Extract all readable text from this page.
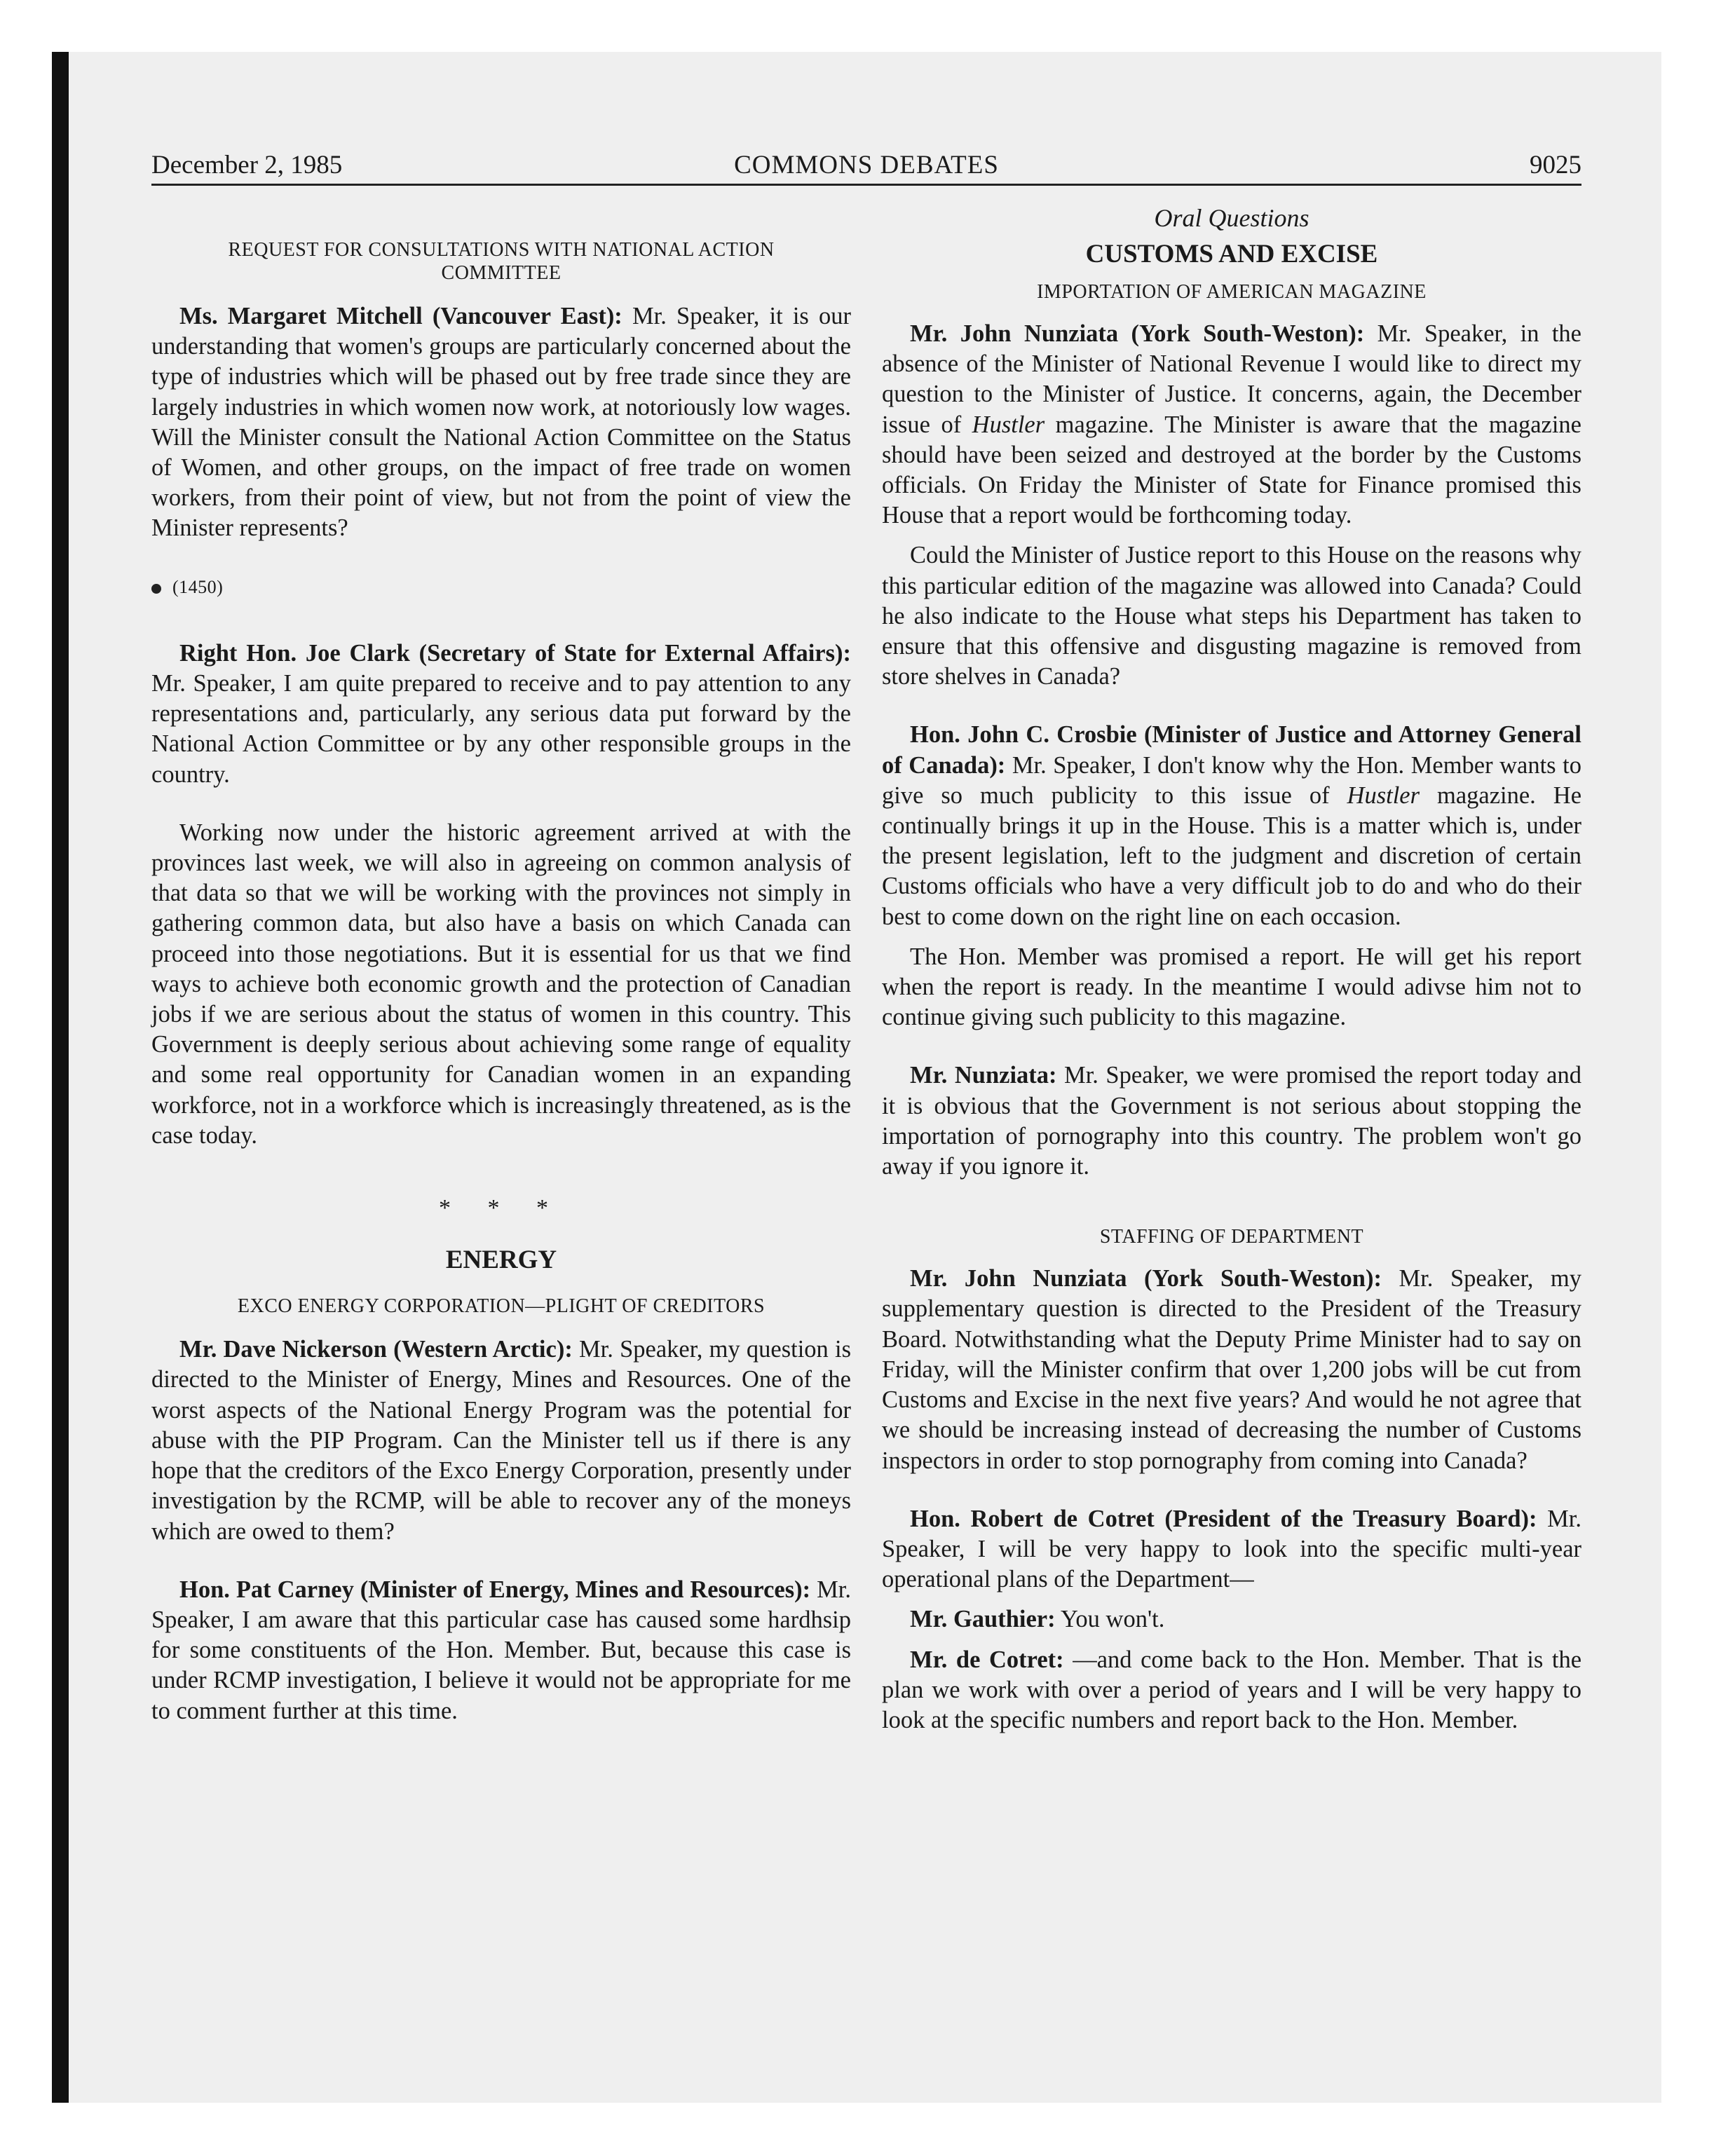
December 2, 1985	COMMONS DEBATES	9025
REQUEST FOR CONSULTATIONS WITH NATIONAL ACTION COMMITTEE

Ms. Margaret Mitchell (Vancouver East): Mr. Speaker, it is our understanding that women's groups are particularly concerned about the type of industries which will be phased out by free trade since they are largely industries in which women now work, at notoriously low wages. Will the Minister consult the National Action Committee on the Status of Women, and other groups, on the impact of free trade on women workers, from their point of view, but not from the point of view the Minister represents?

(1450)

Right Hon. Joe Clark (Secretary of State for External Affairs): Mr. Speaker, I am quite prepared to receive and to pay attention to any representations and, particularly, any serious data put forward by the National Action Committee or by any other responsible groups in the country.

Working now under the historic agreement arrived at with the provinces last week, we will also in agreeing on common analysis of that data so that we will be working with the provinces not simply in gathering common data, but also have a basis on which Canada can proceed into those negotiations. But it is essential for us that we find ways to achieve both economic growth and the protection of Canadian jobs if we are serious about the status of women in this country. This Government is deeply serious about achieving some range of equality and some real opportunity for Canadian women in an expanding workforce, not in a workforce which is increasingly threatened, as is the case today.

* * *
ENERGY
EXCO ENERGY CORPORATION—PLIGHT OF CREDITORS

Mr. Dave Nickerson (Western Arctic): Mr. Speaker, my question is directed to the Minister of Energy, Mines and Resources. One of the worst aspects of the National Energy Program was the potential for abuse with the PIP Program. Can the Minister tell us if there is any hope that the creditors of the Exco Energy Corporation, presently under investigation by the RCMP, will be able to recover any of the moneys which are owed to them?

Hon. Pat Carney (Minister of Energy, Mines and Resources): Mr. Speaker, I am aware that this particular case has caused some hardhsip for some constituents of the Hon. Member. But, because this case is under RCMP investigation, I believe it would not be appropriate for me to comment further at this time.

Oral Questions
CUSTOMS AND EXCISE
IMPORTATION OF AMERICAN MAGAZINE

Mr. John Nunziata (York South-Weston): Mr. Speaker, in the absence of the Minister of National Revenue I would like to direct my question to the Minister of Justice. It concerns, again, the December issue of Hustler magazine. The Minister is aware that the magazine should have been seized and destroyed at the border by the Customs officials. On Friday the Minister of State for Finance promised this House that a report would be forthcoming today.

Could the Minister of Justice report to this House on the reasons why this particular edition of the magazine was allowed into Canada? Could he also indicate to the House what steps his Department has taken to ensure that this offensive and disgusting magazine is removed from store shelves in Canada?

Hon. John C. Crosbie (Minister of Justice and Attorney General of Canada): Mr. Speaker, I don't know why the Hon. Member wants to give so much publicity to this issue of Hustler magazine. He continually brings it up in the House. This is a matter which is, under the present legislation, left to the judgment and discretion of certain Customs officials who have a very difficult job to do and who do their best to come down on the right line on each occasion.

The Hon. Member was promised a report. He will get his report when the report is ready. In the meantime I would adivse him not to continue giving such publicity to this magazine.

Mr. Nunziata: Mr. Speaker, we were promised the report today and it is obvious that the Government is not serious about stopping the importation of pornography into this country. The problem won't go away if you ignore it.

STAFFING OF DEPARTMENT

Mr. John Nunziata (York South-Weston): Mr. Speaker, my supplementary question is directed to the President of the Treasury Board. Notwithstanding what the Deputy Prime Minister had to say on Friday, will the Minister confirm that over 1,200 jobs will be cut from Customs and Excise in the next five years? And would he not agree that we should be increasing instead of decreasing the number of Customs inspectors in order to stop pornography from coming into Canada?

Hon. Robert de Cotret (President of the Treasury Board): Mr. Speaker, I will be very happy to look into the specific multi-year operational plans of the Department—

Mr. Gauthier: You won't.

Mr. de Cotret: —and come back to the Hon. Member. That is the plan we work with over a period of years and I will be very happy to look at the specific numbers and report back to the Hon. Member.
